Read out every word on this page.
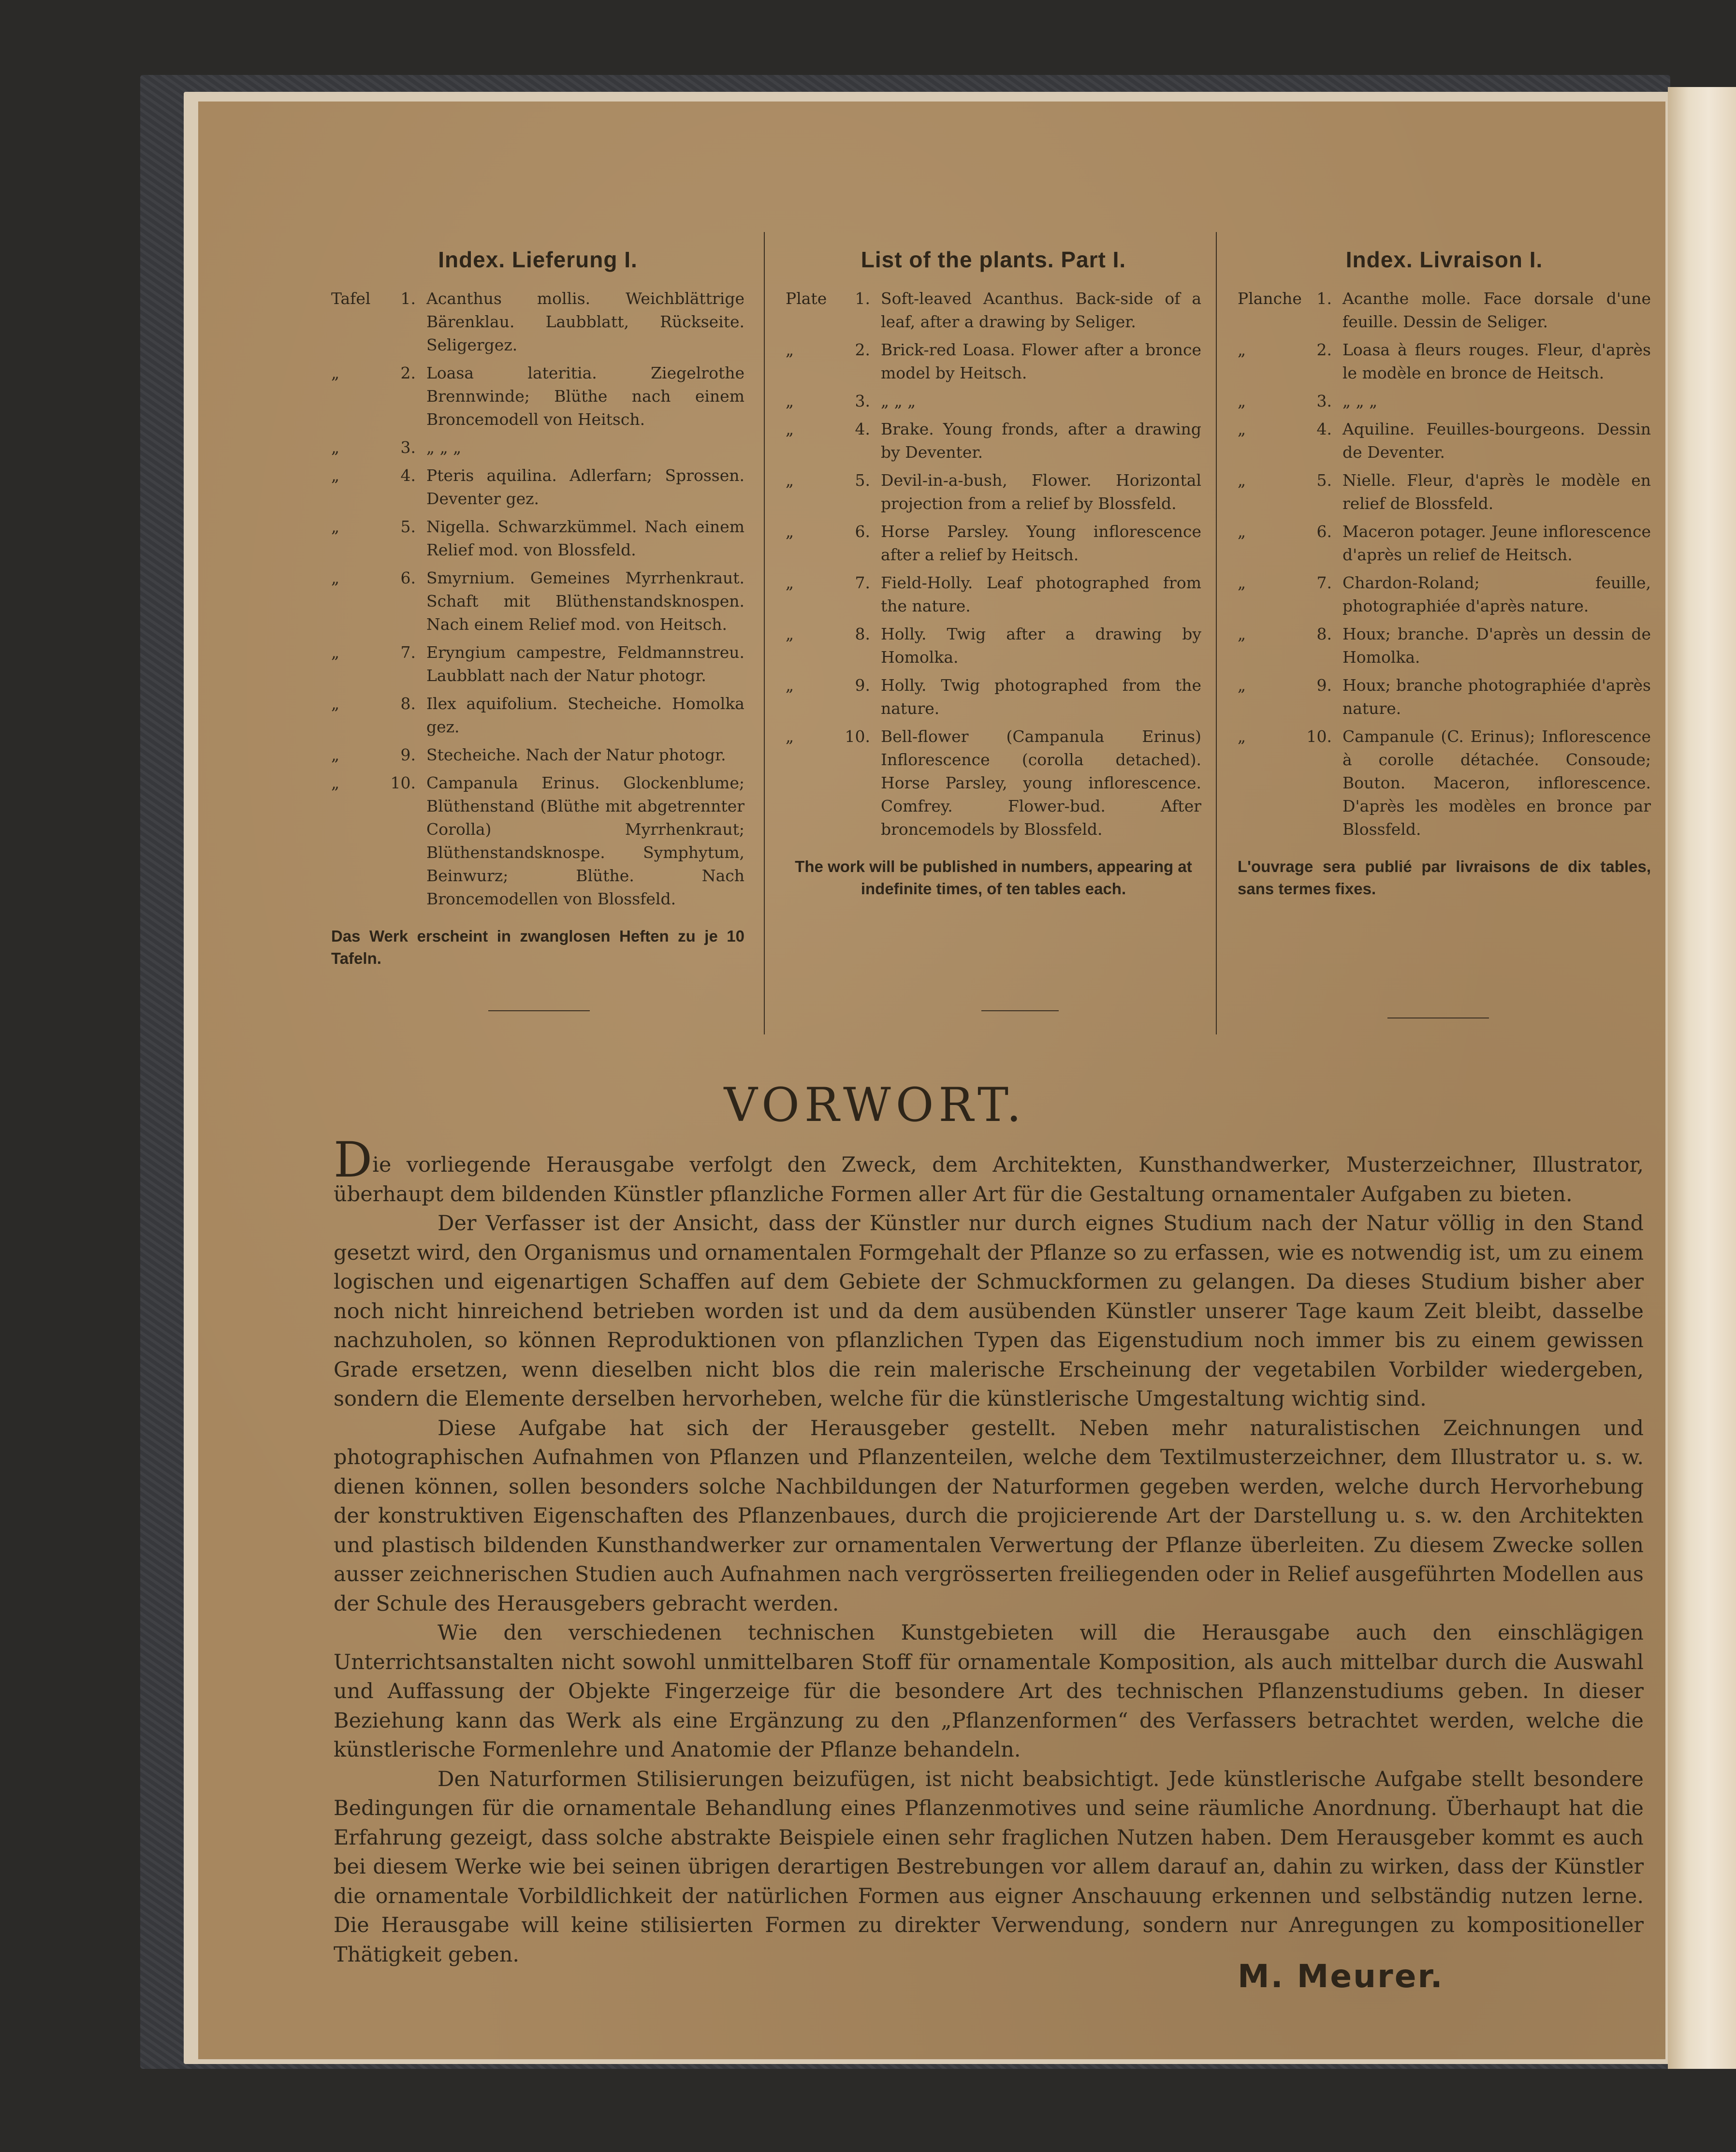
Index. Lieferung I.
Tafel	1. Acanthus mollis. Weichblättrige Bärenklau. Laubblatt, Rückseite. Seligergez.
„	2. Loasa lateritia. Ziegelrothe Brennwinde; Blüthe nach einem Broncemodell von Heitsch.
„	3. „ „ „
„	4. Pteris aquilina. Adlerfarn; Sprossen. Deventer gez.
„	5. Nigella. Schwarzkümmel. Nach einem Relief mod. von Blossfeld.
„	6. Smyrnium. Gemeines Myrrhenkraut. Schaft mit Blüthenstandsknospen. Nach einem Relief mod. von Heitsch.
„	7. Eryngium campestre, Feldmannstreu. Laubblatt nach der Natur photogr.
„	8. Ilex aquifolium. Stecheiche. Homolka gez.
„	9. Stecheiche. Nach der Natur photogr.
„	10. Campanula Erinus. Glockenblume; Blüthenstand (Blüthe mit abgetrennter Corolla) Myrrhenkraut; Blüthenstandsknospe. Symphytum, Beinwurz; Blüthe. Nach Broncemodellen von Blossfeld.
Das Werk erscheint in zwanglosen Heften zu je 10 Tafeln.
List of the plants. Part I.
Plate	1. Soft-leaved Acanthus. Back-side of a leaf, after a drawing by Seliger.
„	2. Brick-red Loasa. Flower after a bronce model by Heitsch.
„	3. „ „ „
„	4. Brake. Young fronds, after a drawing by Deventer.
„	5. Devil-in-a-bush, Flower. Horizontal projection from a relief by Blossfeld.
„	6. Horse Parsley. Young inflorescence after a relief by Heitsch.
„	7. Field-Holly. Leaf photographed from the nature.
„	8. Holly. Twig after a drawing by Homolka.
„	9. Holly. Twig photographed from the nature.
„	10. Bell-flower (Campanula Erinus) Inflorescence (corolla detached). Horse Parsley, young inflorescence. Comfrey. Flower-bud. After broncemodels by Blossfeld.
The work will be published in numbers, appearing at indefinite times, of ten tables each.
Index. Livraison I.
Planche 1. Acanthe molle. Face dorsale d'une feuille. Dessin de Seliger.
„	2. Loasa à fleurs rouges. Fleur, d'après le modèle en bronce de Heitsch.
„	3. „ „ „
„	4. Aquiline. Feuilles-bourgeons. Dessin de Deventer.
„	5. Nielle. Fleur, d'après le modèle en relief de Blossfeld.
„	6. Maceron potager. Jeune inflorescence d'après un relief de Heitsch.
„	7. Chardon-Roland; feuille, photographiée d'après nature.
„	8. Houx; branche. D'après un dessin de Homolka.
„	9. Houx; branche photographiée d'après nature.
„	10. Campanule (C. Erinus); Inflorescence à corolle détachée. Consoude; Bouton. Maceron, inflorescence. D'après les modèles en bronce par Blossfeld.
L'ouvrage sera publié par livraisons de dix tables, sans termes fixes.
VORWORT.

Die vorliegende Herausgabe verfolgt den Zweck, dem Architekten, Kunsthandwerker, Musterzeichner, Illustrator, überhaupt dem bildenden Künstler pflanzliche Formen aller Art für die Gestaltung ornamentaler Aufgaben zu bieten.

Der Verfasser ist der Ansicht, dass der Künstler nur durch eignes Studium nach der Natur völlig in den Stand gesetzt wird, den Organismus und ornamentalen Formgehalt der Pflanze so zu erfassen, wie es notwendig ist, um zu einem logischen und eigenartigen Schaffen auf dem Gebiete der Schmuckformen zu gelangen. Da dieses Studium bisher aber noch nicht hinreichend betrieben worden ist und da dem ausübenden Künstler unserer Tage kaum Zeit bleibt, dasselbe nachzuholen, so können Reproduktionen von pflanzlichen Typen das Eigenstudium noch immer bis zu einem gewissen Grade ersetzen, wenn dieselben nicht blos die rein malerische Erscheinung der vegetabilen Vorbilder wiedergeben, sondern die Elemente derselben hervorheben, welche für die künstlerische Umgestaltung wichtig sind.

Diese Aufgabe hat sich der Herausgeber gestellt. Neben mehr naturalistischen Zeichnungen und photographischen Aufnahmen von Pflanzen und Pflanzenteilen, welche dem Textilmusterzeichner, dem Illustrator u. s. w. dienen können, sollen besonders solche Nachbildungen der Naturformen gegeben werden, welche durch Hervorhebung der konstruktiven Eigenschaften des Pflanzenbaues, durch die projicierende Art der Darstellung u. s. w. den Architekten und plastisch bildenden Kunsthandwerker zur ornamentalen Verwertung der Pflanze überleiten. Zu diesem Zwecke sollen ausser zeichnerischen Studien auch Aufnahmen nach vergrösserten freiliegenden oder in Relief ausgeführten Modellen aus der Schule des Herausgebers gebracht werden.

Wie den verschiedenen technischen Kunstgebieten will die Herausgabe auch den einschlägigen Unterrichtsanstalten nicht sowohl unmittelbaren Stoff für ornamentale Komposition, als auch mittelbar durch die Auswahl und Auffassung der Objekte Fingerzeige für die besondere Art des technischen Pflanzenstudiums geben. In dieser Beziehung kann das Werk als eine Ergänzung zu den „Pflanzenformen“ des Verfassers betrachtet werden, welche die künstlerische Formenlehre und Anatomie der Pflanze behandeln.

Den Naturformen Stilisierungen beizufügen, ist nicht beabsichtigt. Jede künstlerische Aufgabe stellt besondere Bedingungen für die ornamentale Behandlung eines Pflanzenmotives und seine räumliche Anordnung. Überhaupt hat die Erfahrung gezeigt, dass solche abstrakte Beispiele einen sehr fraglichen Nutzen haben. Dem Herausgeber kommt es auch bei diesem Werke wie bei seinen übrigen derartigen Bestrebungen vor allem darauf an, dahin zu wirken, dass der Künstler die ornamentale Vorbildlichkeit der natürlichen Formen aus eigner Anschauung erkennen und selbständig nutzen lerne. Die Herausgabe will keine stilisierten Formen zu direkter Verwendung, sondern nur Anregungen zu kompositioneller Thätigkeit geben.

M. Meurer.
